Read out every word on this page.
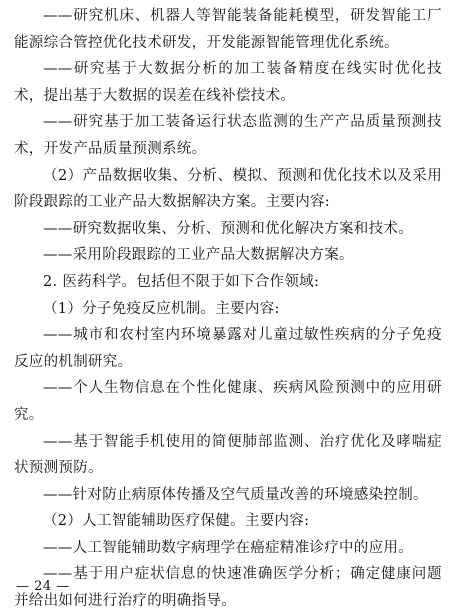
——研究机床、机器人等智能装备能耗模型，研发智能工厂能源综合管控优化技术研发，开发能源智能管理优化系统。

——研究基于大数据分析的加工装备精度在线实时优化技术，提出基于大数据的误差在线补偿技术。

——研究基于加工装备运行状态监测的生产产品质量预测技术，开发产品质量预测系统。

（2）产品数据收集、分析、模拟、预测和优化技术以及采用阶段跟踪的工业产品大数据解决方案。主要内容:

——研究数据收集、分析、预测和优化解决方案和技术。

——采用阶段跟踪的工业产品大数据解决方案。

2. 医药科学。包括但不限于如下合作领域:

（1）分子免疫反应机制。主要内容:

——城市和农村室内环境暴露对儿童过敏性疾病的分子免疫反应的机制研究。

——个人生物信息在个性化健康、疾病风险预测中的应用研究。

——基于智能手机使用的简便肺部监测、治疗优化及哮喘症状预测预防。

——针对防止病原体传播及空气质量改善的环境感染控制。

（2）人工智能辅助医疗保健。主要内容:

——人工智能辅助数字病理学在癌症精准诊疗中的应用。

——基于用户症状信息的快速准确医学分析；确定健康问题并给出如何进行治疗的明确指导。

— 24 —
